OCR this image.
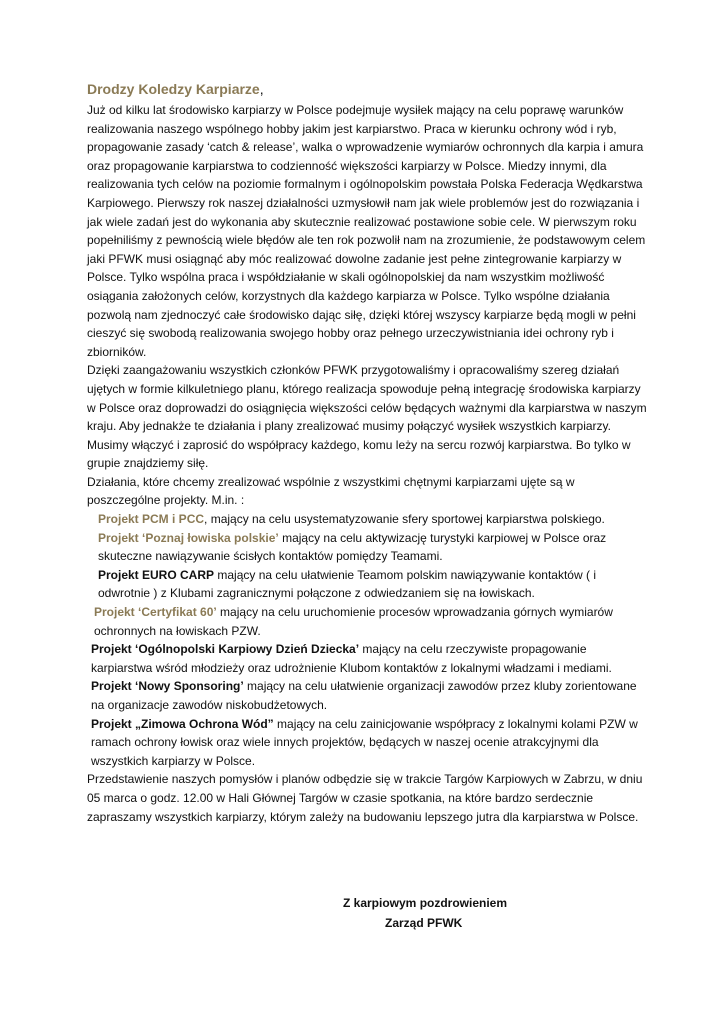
Drodzy Koledzy Karpiarze,

Już od kilku lat środowisko karpiarzy w Polsce podejmuje wysiłek mający na celu poprawę warunków realizowania naszego wspólnego hobby jakim jest karpiarstwo. Praca w kierunku ochrony wód i ryb, propagowanie zasady ‘catch & release’, walka o wprowadzenie wymiarów ochronnych dla karpia i amura oraz propagowanie karpiarstwa to codzienność większości karpiarzy w Polsce. Miedzy innymi, dla realizowania tych celów na poziomie formalnym i ogólnopolskim powstała Polska Federacja Wędkarstwa Karpiowego. Pierwszy rok naszej działalności uzmysłowił nam jak wiele problemów jest do rozwiązania i jak wiele zadań jest do wykonania aby skutecznie realizować postawione sobie cele. W pierwszym roku popełniliśmy z pewnością wiele błędów ale ten rok pozwolił nam na zrozumienie, że podstawowym celem jaki PFWK musi osiągnąć aby móc realizować dowolne zadanie jest pełne zintegrowanie karpiarzy w Polsce. Tylko wspólna praca i współdziałanie w skali ogólnopolskiej da nam wszystkim możliwość osiągania założonych celów, korzystnych dla każdego karpiarza w Polsce. Tylko wspólne działania pozwolą nam zjednoczyć całe środowisko dając siłę, dzięki której wszyscy karpiarze będą mogli w pełni cieszyć się swobodą realizowania swojego hobby oraz pełnego urzeczywistniania idei ochrony ryb i zbiorników.

Dzięki zaangażowaniu wszystkich członków PFWK przygotowaliśmy i opracowaliśmy szereg działań ujętych w formie kilkuletniego planu, którego realizacja spowoduje pełną integrację środowiska karpiarzy w Polsce oraz doprowadzi do osiągnięcia większości celów będących ważnymi dla karpiarstwa w naszym kraju. Aby jednakże te działania i plany zrealizować musimy połączyć wysiłek wszystkich karpiarzy. Musimy włączyć i zaprosić do współpracy każdego, komu leży na sercu rozwój karpiarstwa. Bo tylko w grupie znajdziemy siłę.

Działania, które chcemy zrealizować wspólnie z wszystkimi chętnymi karpiarzami ujęte są w poszczególne projekty. M.in. :

Projekt PCM i PCC, mający na celu usystematyzowanie sfery sportowej karpiarstwa polskiego.

Projekt ‘Poznaj łowiska polskie’ mający na celu aktywizację turystyki karpiowej w Polsce oraz skuteczne nawiązywanie ścisłych kontaktów pomiędzy Teamami.

Projekt EURO CARP mający na celu ułatwienie Teamom polskim nawiązywanie kontaktów ( i odwrotnie ) z Klubami zagranicznymi połączone z odwiedzaniem się na łowiskach.

Projekt ‘Certyfikat 60’ mający na celu uruchomienie procesów wprowadzania górnych wymiarów ochronnych na łowiskach PZW.

Projekt ‘Ogólnopolski Karpiowy Dzień Dziecka’ mający na celu rzeczywiste propagowanie karpiarstwa wśród młodzieży oraz udrożnienie Klubom kontaktów z lokalnymi władzami i mediami.

Projekt ‘Nowy Sponsoring’ mający na celu ułatwienie organizacji zawodów przez kluby zorientowane na organizacje zawodów niskobudżetowych.

Projekt „Zimowa Ochrona Wód” mający na celu zainicjowanie współpracy z lokalnymi kolami PZW w ramach ochrony łowisk oraz wiele innych projektów, będących w naszej ocenie atrakcyjnymi dla wszystkich karpiarzy w Polsce.

Przedstawienie naszych pomysłów i planów odbędzie się w trakcie Targów Karpiowych w Zabrzu, w dniu 05 marca o godz. 12.00 w Hali Głównej Targów w czasie spotkania, na które bardzo serdecznie zapraszamy wszystkich karpiarzy, którym zależy na budowaniu lepszego jutra dla karpiarstwa w Polsce.

Z karpiowym pozdrowieniem
Zarząd PFWK
